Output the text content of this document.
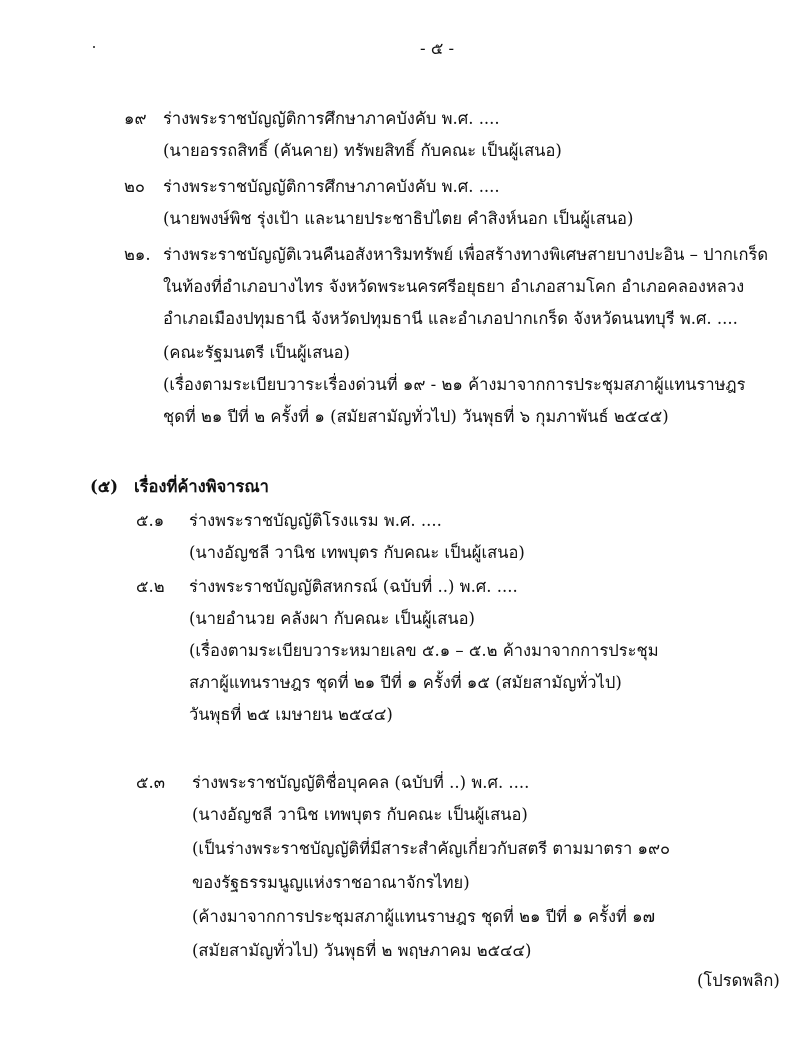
- ๕ -
๑๙ ร่างพระราชบัญญัติการศึกษาภาคบังคับ พ.ศ. ....
(นายอรรถสิทธิ์ (คันคาย) ทรัพยสิทธิ์ กับคณะ เป็นผู้เสนอ)
๒๐ ร่างพระราชบัญญัติการศึกษาภาคบังคับ พ.ศ. ....
(นายพงษ์พิช รุ่งเป้า และนายประชาธิปไตย คำสิงห์นอก เป็นผู้เสนอ)
๒๑. ร่างพระราชบัญญัติเวนคืนอสังหาริมทรัพย์ เพื่อสร้างทางพิเศษสายบางปะอิน – ปากเกร็ด
ในท้องที่อำเภอบางไทร จังหวัดพระนครศรีอยุธยา อำเภอสามโคก อำเภอคลองหลวง
อำเภอเมืองปทุมธานี จังหวัดปทุมธานี และอำเภอปากเกร็ด จังหวัดนนทบุรี พ.ศ. ....
(คณะรัฐมนตรี เป็นผู้เสนอ)
(เรื่องตามระเบียบวาระเรื่องด่วนที่ ๑๙ - ๒๑ ค้างมาจากการประชุมสภาผู้แทนราษฎร
ชุดที่ ๒๑ ปีที่ ๒ ครั้งที่ ๑ (สมัยสามัญทั่วไป) วันพุธที่ ๖ กุมภาพันธ์ ๒๕๔๕)
(๕) เรื่องที่ค้างพิจารณา
๕.๑ ร่างพระราชบัญญัติโรงแรม พ.ศ. ....
(นางอัญชลี วานิช เทพบุตร กับคณะ เป็นผู้เสนอ)
๕.๒ ร่างพระราชบัญญัติสหกรณ์ (ฉบับที่ ..) พ.ศ. ....
(นายอำนวย คลังผา กับคณะ เป็นผู้เสนอ)
(เรื่องตามระเบียบวาระหมายเลข ๕.๑ – ๕.๒ ค้างมาจากการประชุม
สภาผู้แทนราษฎร ชุดที่ ๒๑ ปีที่ ๑ ครั้งที่ ๑๕ (สมัยสามัญทั่วไป)
วันพุธที่ ๒๕ เมษายน ๒๕๔๔)
๕.๓ ร่างพระราชบัญญัติชื่อบุคคล (ฉบับที่ ..) พ.ศ. ....
(นางอัญชลี วานิช เทพบุตร กับคณะ เป็นผู้เสนอ)
(เป็นร่างพระราชบัญญัติที่มีสาระสำคัญเกี่ยวกับสตรี ตามมาตรา ๑๙๐
ของรัฐธรรมนูญแห่งราชอาณาจักรไทย)
(ค้างมาจากการประชุมสภาผู้แทนราษฎร ชุดที่ ๒๑ ปีที่ ๑ ครั้งที่ ๑๗
(สมัยสามัญทั่วไป) วันพุธที่ ๒ พฤษภาคม ๒๕๔๔)
(โปรดพลิก)
